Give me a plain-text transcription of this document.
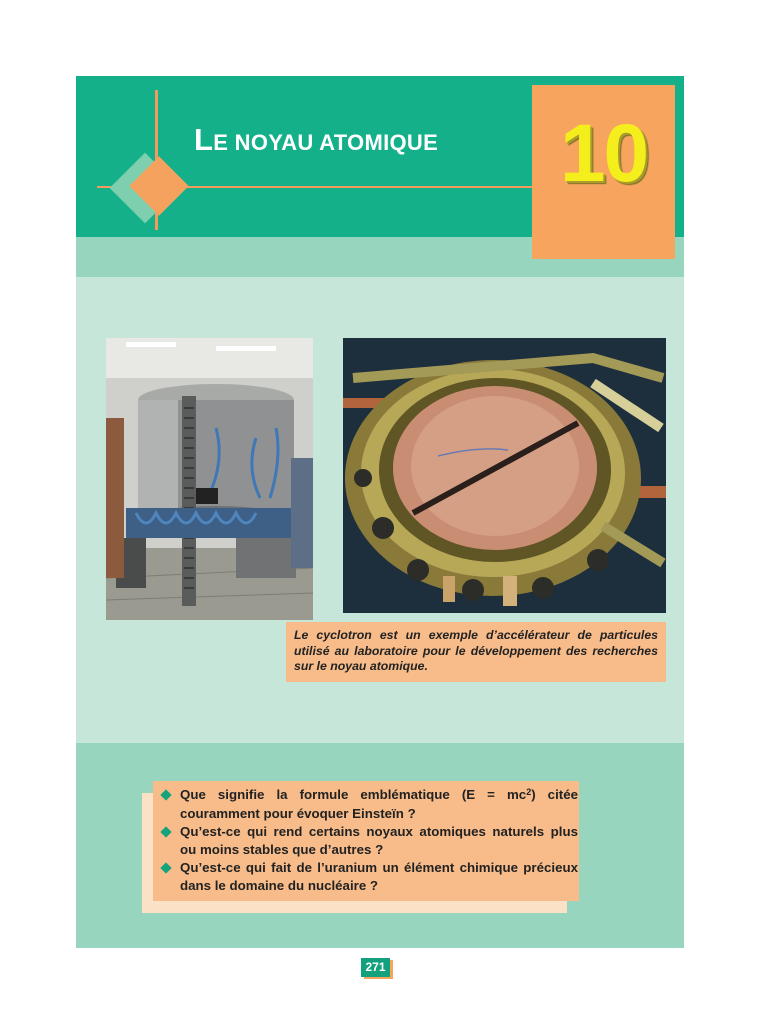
LE NOYAU ATOMIQUE	10

Le cyclotron est un exemple d’accélérateur de particules utilisé au laboratoire pour le développement des recherches sur le noyau atomique.

Que signifie la formule emblématique $(E = mc^2)$ citée couramment pour évoquer Einsteïn ?
Qu’est-ce qui rend certains noyaux atomiques naturels plus ou moins stables que d’autres ?
Qu’est-ce qui fait de l’uranium un élément chimique précieux dans le domaine du nucléaire ?
271
